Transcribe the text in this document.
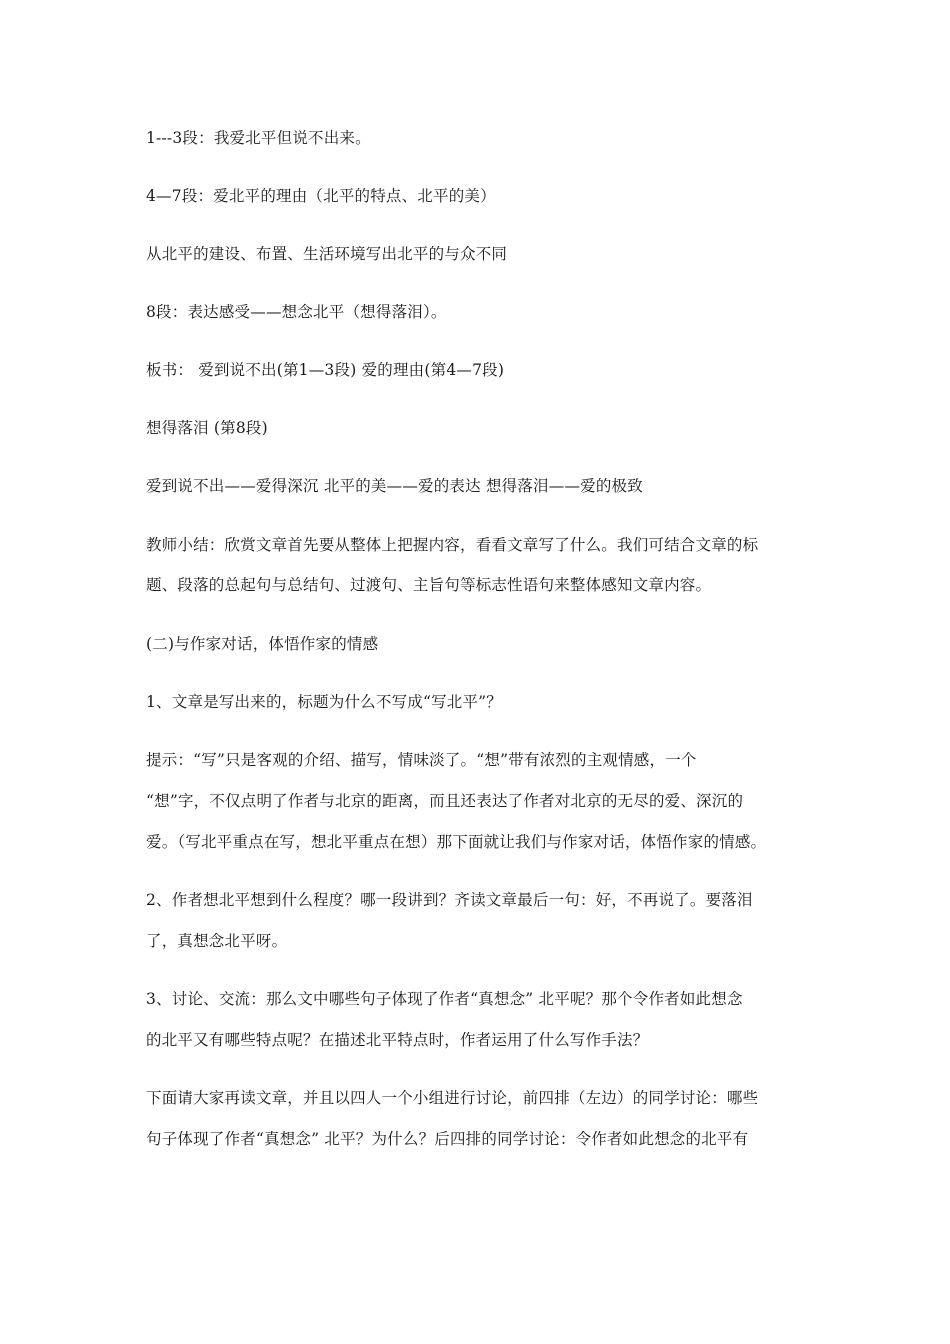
1---3段：我爱北平但说不出来。
4—7段：爱北平的理由（北平的特点、北平的美）
从北平的建设、布置、生活环境写出北平的与众不同
8段：表达感受——想念北平（想得落泪）。
板书： 爱到说不出(第1—3段) 爱的理由(第4—7段)
想得落泪 (第8段)
爱到说不出——爱得深沉 北平的美——爱的表达 想得落泪——爱的极致
教师小结：欣赏文章首先要从整体上把握内容，看看文章写了什么。我们可结合文章的标
题、段落的总起句与总结句、过渡句、主旨句等标志性语句来整体感知文章内容。
(二)与作家对话，体悟作家的情感
1、文章是写出来的，标题为什么不写成“写北平”？
提示：“写”只是客观的介绍、描写，情味淡了。“想”带有浓烈的主观情感，一个
“想”字，不仅点明了作者与北京的距离，而且还表达了作者对北京的无尽的爱、深沉的
爱。（写北平重点在写，想北平重点在想）那下面就让我们与作家对话，体悟作家的情感。
2、作者想北平想到什么程度？哪一段讲到？齐读文章最后一句：好，不再说了。要落泪
了，真想念北平呀。
3、讨论、交流：那么文中哪些句子体现了作者“真想念” 北平呢？那个令作者如此想念
的北平又有哪些特点呢？在描述北平特点时，作者运用了什么写作手法？
下面请大家再读文章，并且以四人一个小组进行讨论，前四排（左边）的同学讨论：哪些
句子体现了作者“真想念” 北平？为什么？后四排的同学讨论：令作者如此想念的北平有
